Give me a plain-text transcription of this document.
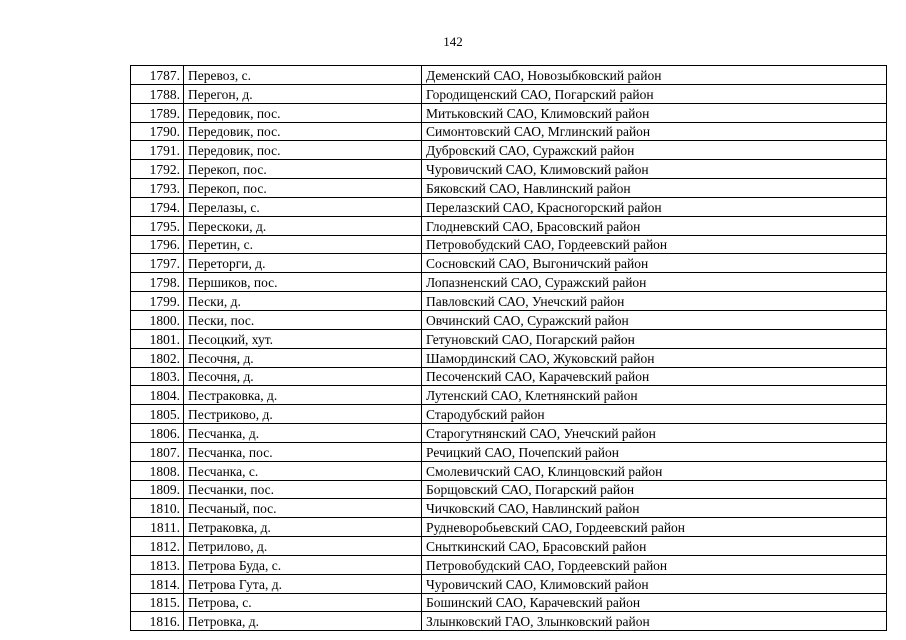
142
1787.	Перевоз, с.	Деменский САО, Новозыбковский район
1788.	Перегон, д.	Городищенский САО, Погарский район
1789.	Передовик, пос.	Митьковский САО, Климовский район
1790.	Передовик, пос.	Симонтовский САО, Мглинский район
1791.	Передовик, пос.	Дубровский САО, Суражский район
1792.	Перекоп, пос.	Чуровичский САО, Климовский район
1793.	Перекоп, пос.	Бяковский САО, Навлинский район
1794.	Перелазы, с.	Перелазский САО, Красногорский район
1795.	Перескоки, д.	Глодневский САО, Брасовский район
1796.	Перетин, с.	Петровобудский САО, Гордеевский район
1797.	Переторги, д.	Сосновский САО, Выгоничский район
1798.	Першиков, пос.	Лопазненский САО, Суражский район
1799.	Пески, д.	Павловский САО, Унечский район
1800.	Пески, пос.	Овчинский САО, Суражский район
1801.	Песоцкий, хут.	Гетуновский САО, Погарский район
1802.	Песочня, д.	Шамординский САО, Жуковский район
1803.	Песочня, д.	Песоченский САО, Карачевский район
1804.	Пестраковка, д.	Лутенский САО, Клетнянский район
1805.	Пестриково, д.	Стародубский район
1806.	Песчанка, д.	Старогутнянский САО, Унечский район
1807.	Песчанка, пос.	Речицкий САО, Почепский район
1808.	Песчанка, с.	Смолевичский САО, Клинцовский район
1809.	Песчанки, пос.	Борщовский САО, Погарский район
1810.	Песчаный, пос.	Чичковский САО, Навлинский район
1811.	Петраковка, д.	Рудневоробьевский САО, Гордеевский район
1812.	Петрилово, д.	Сныткинский САО, Брасовский район
1813.	Петрова Буда, с.	Петровобудский САО, Гордеевский район
1814.	Петрова Гута, д.	Чуровичский САО, Климовский район
1815.	Петрова, с.	Бошинский САО, Карачевский район
1816.	Петровка, д.	Злынковский ГАО, Злынковский район
